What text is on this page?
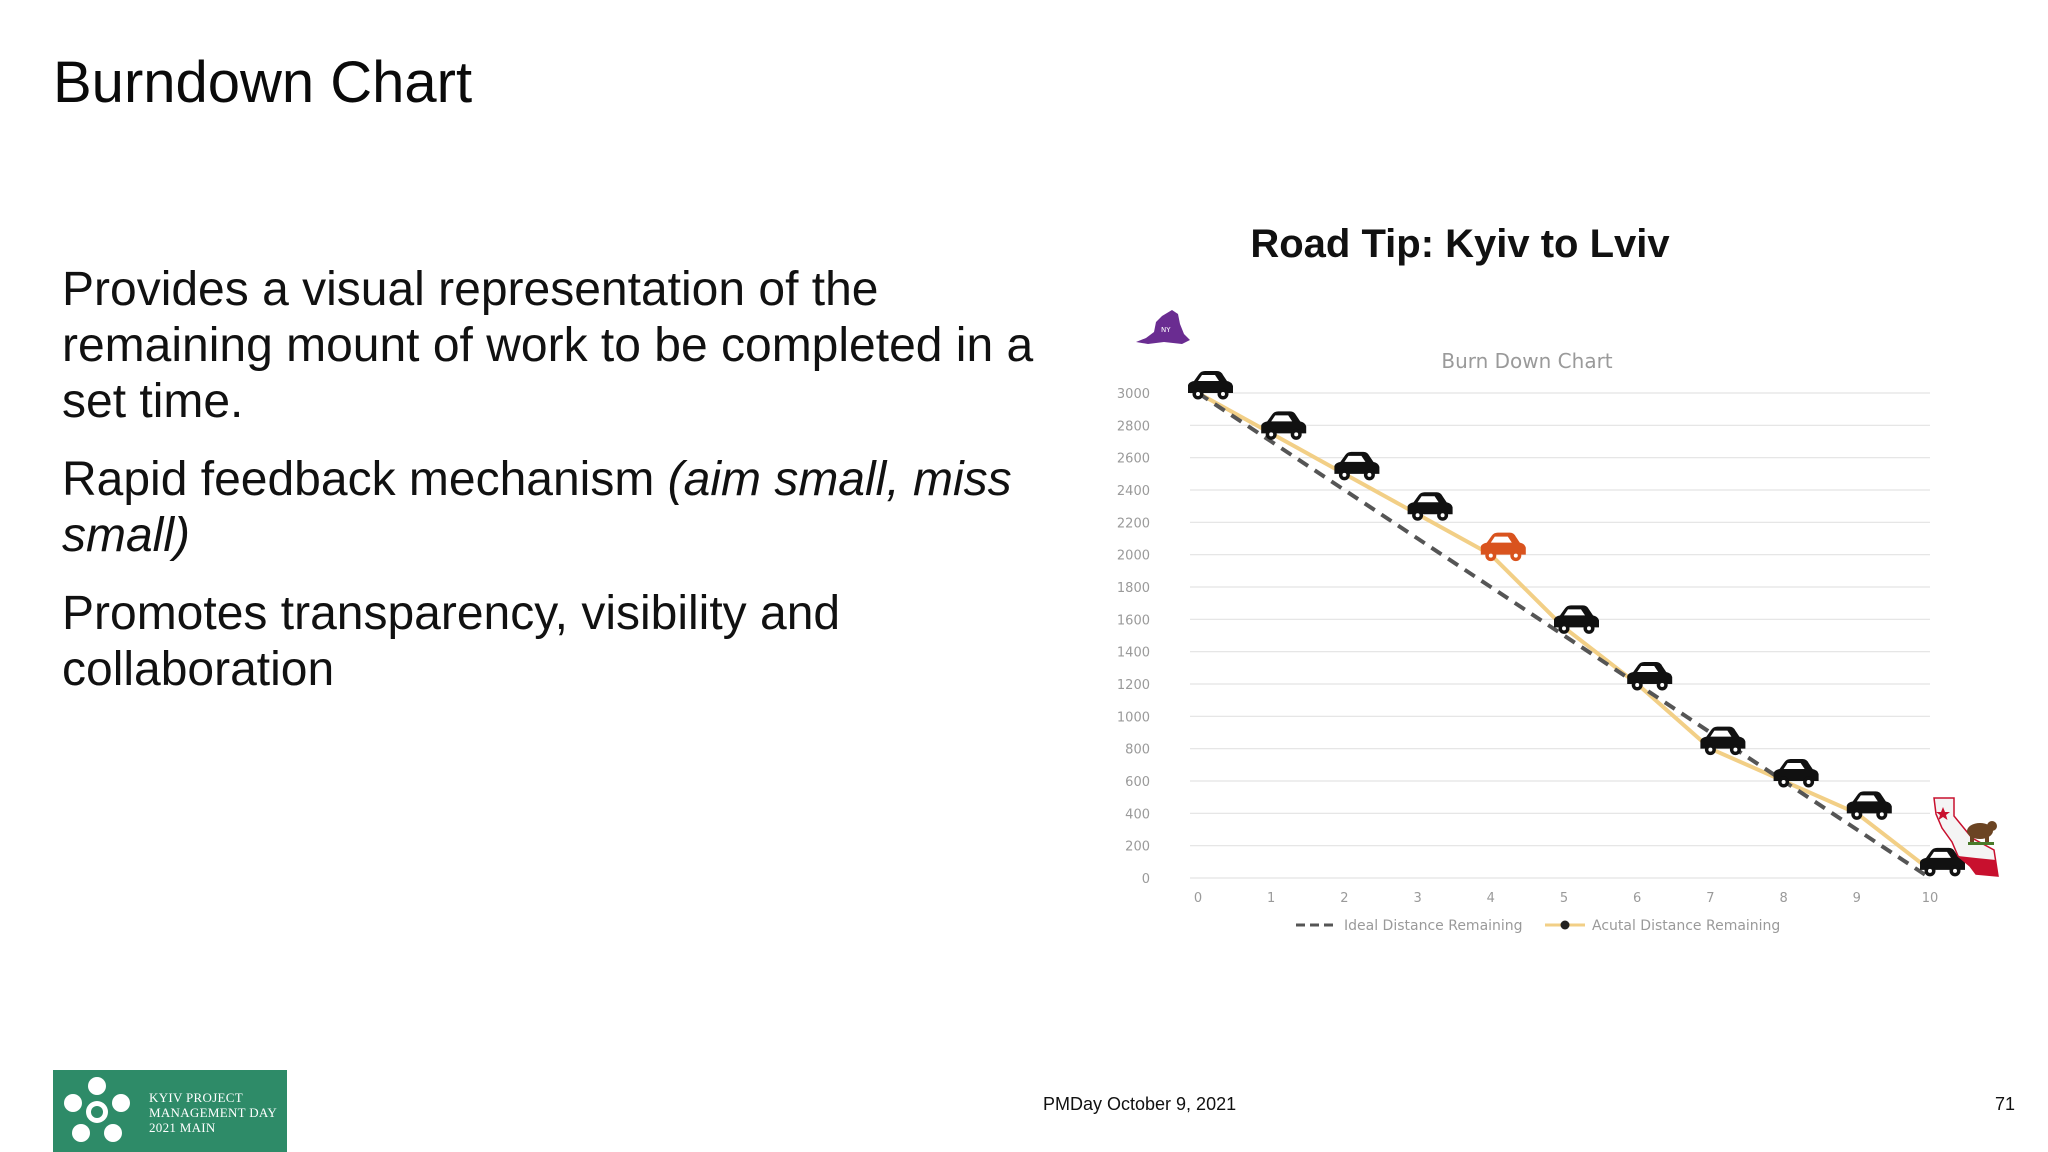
Burndown Chart

Provides a visual representation of the remaining mount of work to be completed in a set time.

Rapid feedback mechanism (aim small, miss small)

Promotes transparency, visibility and collaboration

Road Tip: Kyiv to Lviv
Burn Down Chart
0
200
400
600
800
1000
1200
1400
1600
1800
2000
2200
2400
2600
2800
3000
0	1	2	3	4	5	6	7	8	9	10
NY
Ideal Distance Remaining	Acutal Distance Remaining
KYIV PROJECT
MANAGEMENT DAY
2021 MAIN
PMDay October 9, 2021	71
